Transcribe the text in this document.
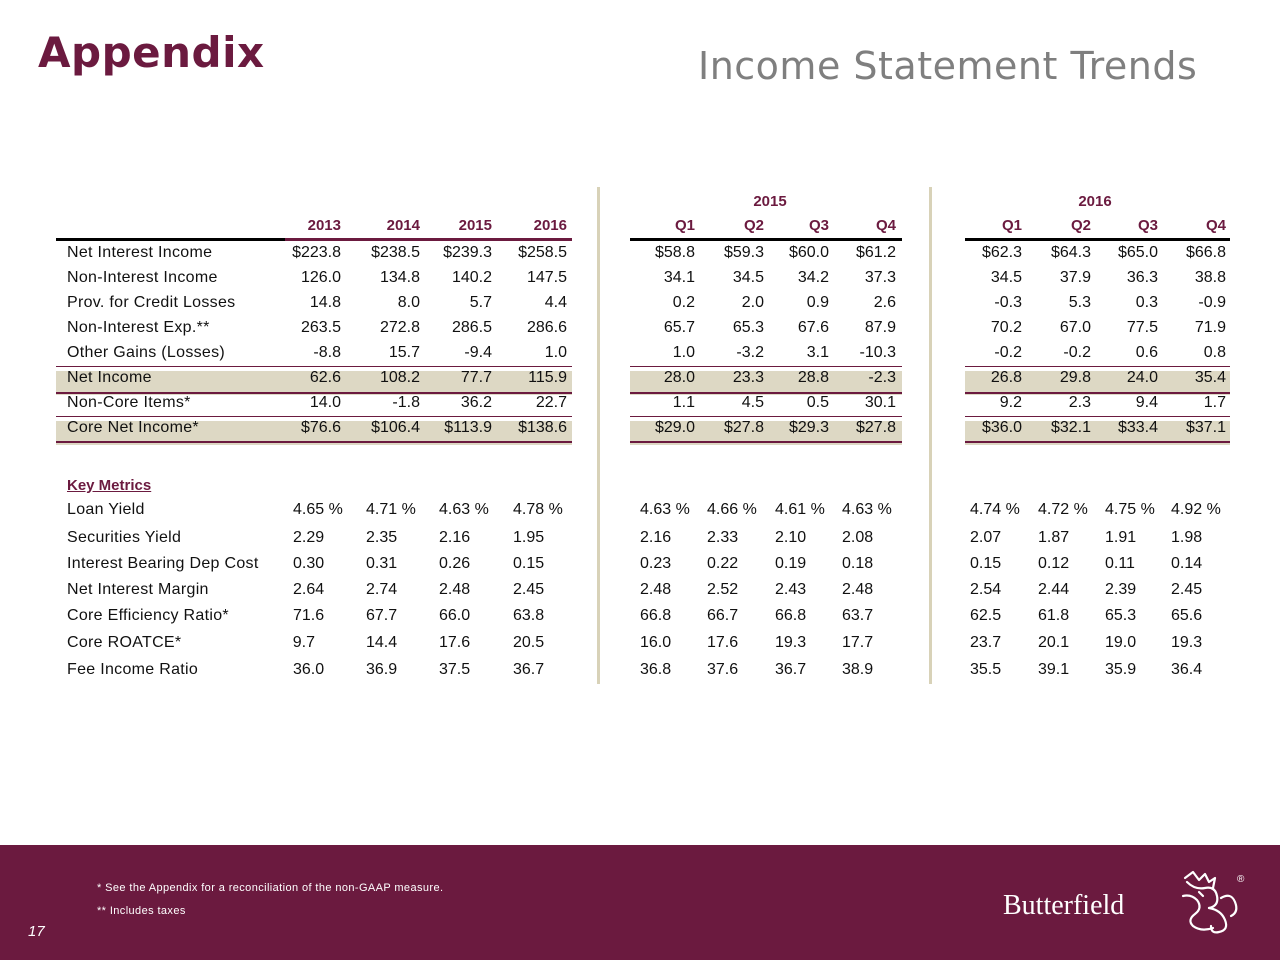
Appendix	Income Statement Trends
2015	2016
2013	2014	2015	2016	Q1	Q2	Q3	Q4	Q1	Q2	Q3	Q4
Net Interest Income	$223.8	$238.5	$239.3	$258.5	$58.8	$59.3	$60.0	$61.2	$62.3	$64.3	$65.0	$66.8
Non-Interest Income	126.0	134.8	140.2	147.5	34.1	34.5	34.2	37.3	34.5	37.9	36.3	38.8
Prov. for Credit Losses	14.8	8.0	5.7	4.4	0.2	2.0	0.9	2.6	-0.3	5.3	0.3	-0.9
Non-Interest Exp.**	263.5	272.8	286.5	286.6	65.7	65.3	67.6	87.9	70.2	67.0	77.5	71.9
Other Gains (Losses)	-8.8	15.7	-9.4	1.0	1.0	-3.2	3.1	-10.3	-0.2	-0.2	0.6	0.8
Net Income	62.6	108.2	77.7	115.9	28.0	23.3	28.8	-2.3	26.8	29.8	24.0	35.4
Non-Core Items*	14.0	-1.8	36.2	22.7	1.1	4.5	0.5	30.1	9.2	2.3	9.4	1.7
Core Net Income*	$76.6	$106.4	$113.9	$138.6	$29.0	$27.8	$29.3	$27.8	$36.0	$32.1	$33.4	$37.1
Loan Yield	4.65 % 4.71 % 4.63 % 4.78 %	4.63 % 4.66 % 4.61 % 4.63 %	4.74 % 4.72 % 4.75 % 4.92 %
Securities Yield	2.29	2.35	2.16	1.95	2.16 2.33 2.10 2.08	2.07 1.87 1.91 1.98
Interest Bearing Dep Cost 0.30	0.31	0.26	0.15	0.23 0.22 0.19 0.18	0.15 0.12 0.11 0.14
Net Interest Margin	2.64	2.74	2.48	2.45	2.48 2.52 2.43 2.48	2.54 2.44 2.39 2.45
Core Efficiency Ratio*	71.6	67.7	66.0	63.8	66.8 66.7 66.8 63.7	62.5 61.8 65.3 65.6
Core ROATCE*	9.7	14.4	17.6	20.5	16.0 17.6 19.3 17.7	23.7 20.1 19.0 19.3
Fee Income Ratio	36.0	36.9	37.5	36.7	36.8 37.6 36.7 38.9	35.5 39.1 35.9 36.4
Key Metrics
* See the Appendix for a reconciliation of the non-GAAP measure.
** Includes taxes
17
Butterfield
®
